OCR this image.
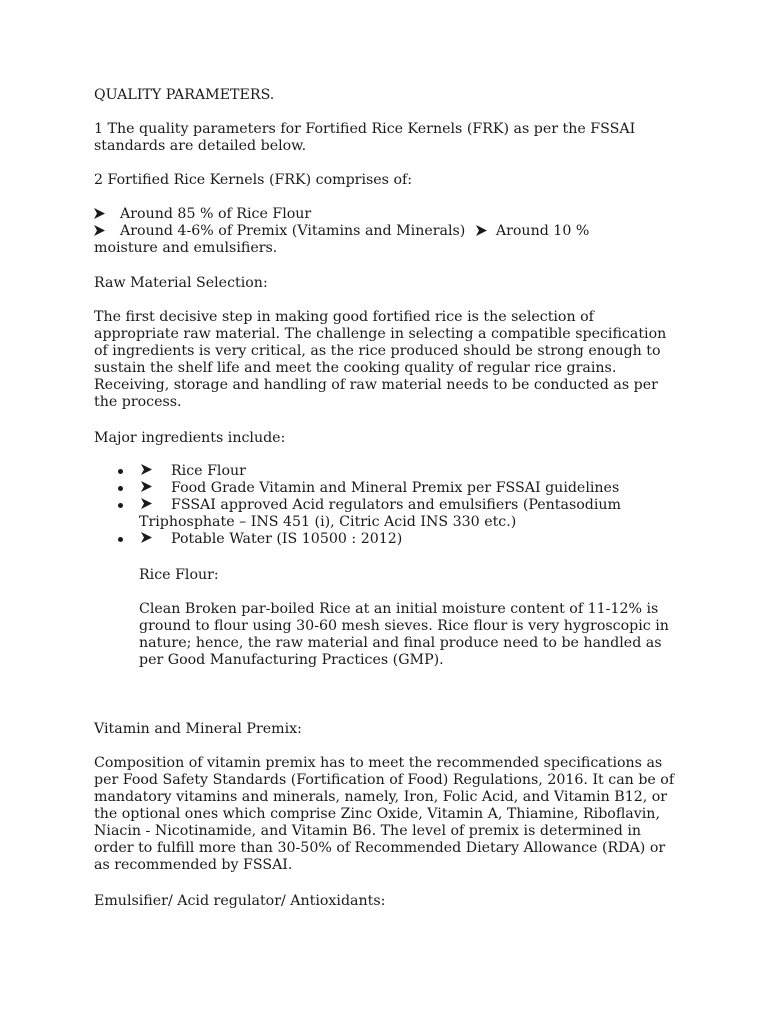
QUALITY PARAMETERS.

1 The quality parameters for Fortified Rice Kernels (FRK) as per the FSSAI standards are detailed below.

2 Fortified Rice Kernels (FRK) comprises of:

Around 85 % of Rice Flour

Around 4-6% of Premix (Vitamins and Minerals) Around 10 %

moisture and emulsifiers.

Raw Material Selection:

The first decisive step in making good fortified rice is the selection of appropriate raw material. The challenge in selecting a compatible specification of ingredients is very critical, as the rice produced should be strong enough to sustain the shelf life and meet the cooking quality of regular rice grains. Receiving, storage and handling of raw material needs to be conducted as per the process.

Major ingredients include:

Rice Flour
Food Grade Vitamin and Mineral Premix per FSSAI guidelines
FSSAI approved Acid regulators and emulsifiers (Pentasodium
Triphosphate – INS 451 (i), Citric Acid INS 330 etc.)
Potable Water (IS 10500 : 2012)

Rice Flour:

Clean Broken par-boiled Rice at an initial moisture content of 11-12% is ground to flour using 30-60 mesh sieves. Rice flour is very hygroscopic in nature; hence, the raw material and final produce need to be handled as per Good Manufacturing Practices (GMP).

Vitamin and Mineral Premix:

Composition of vitamin premix has to meet the recommended specifications as per Food Safety Standards (Fortification of Food) Regulations, 2016. It can be of mandatory vitamins and minerals, namely, Iron, Folic Acid, and Vitamin B12, or the optional ones which comprise Zinc Oxide, Vitamin A, Thiamine, Riboflavin, Niacin - Nicotinamide, and Vitamin B6. The level of premix is determined in order to fulfill more than 30-50% of Recommended Dietary Allowance (RDA) or as recommended by FSSAI.

Emulsifier/ Acid regulator/ Antioxidants:
